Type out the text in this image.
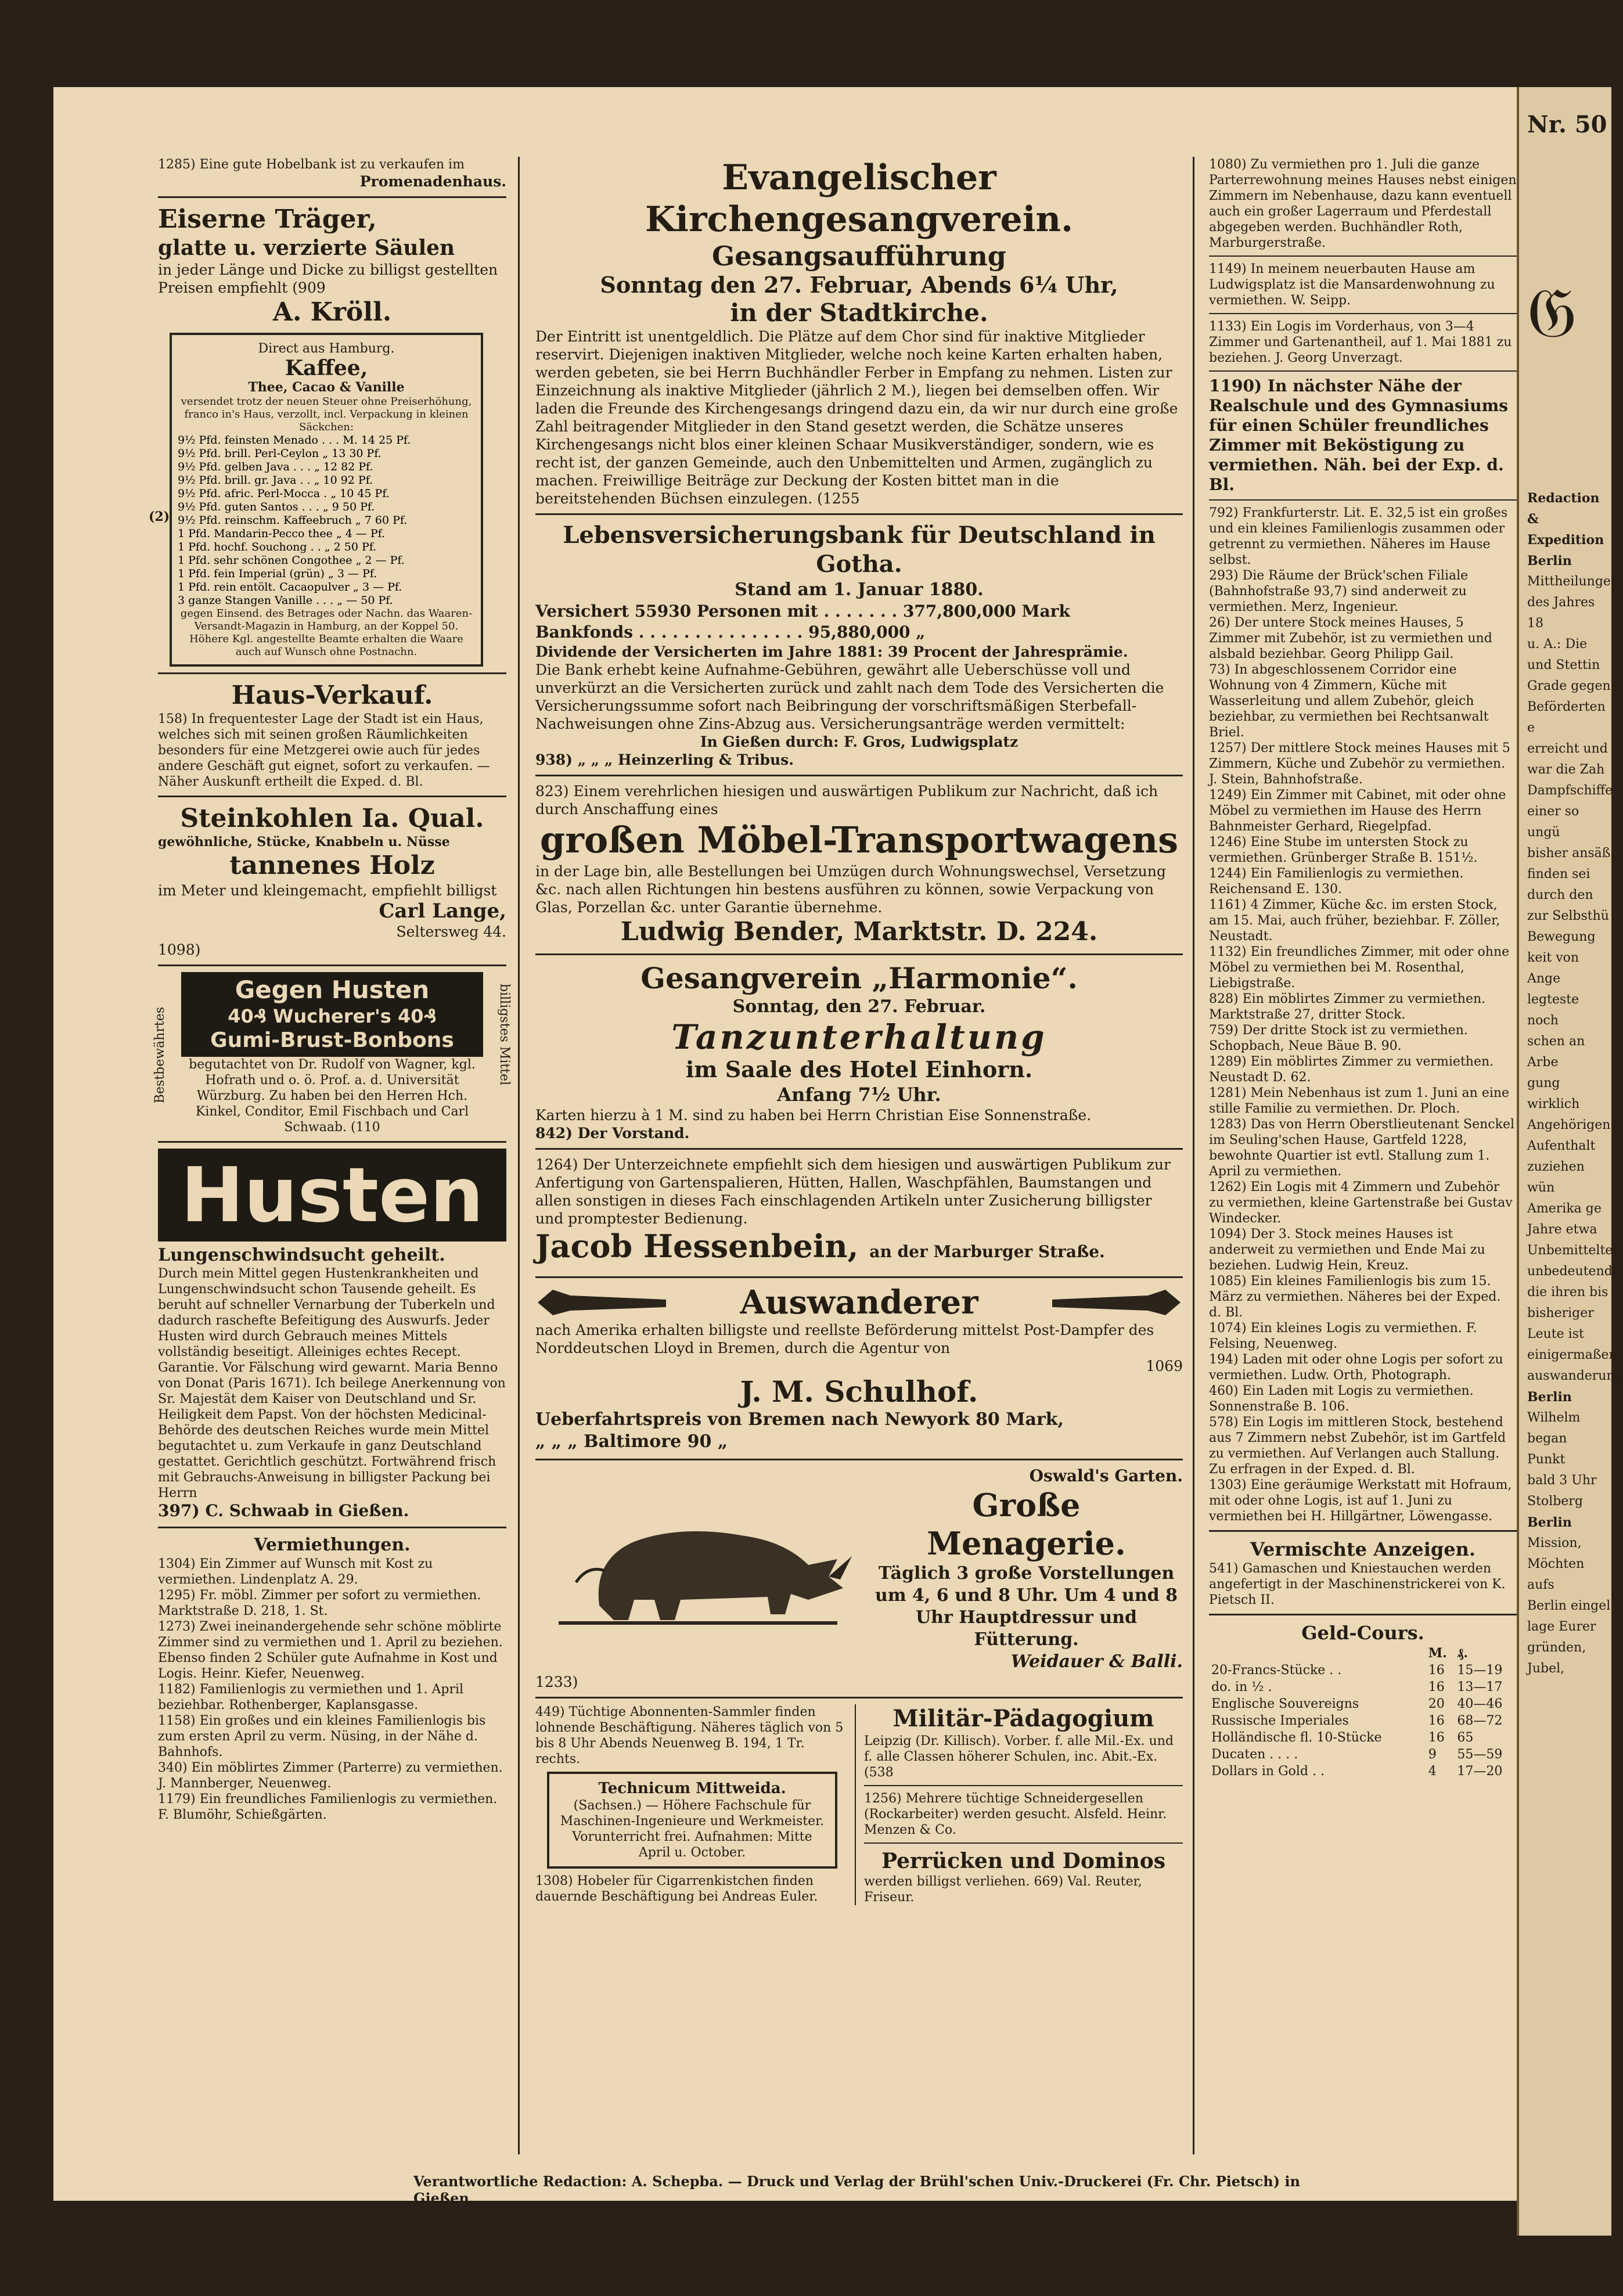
1285) Eine gute Hobelbank ist zu verkaufen im

Promenadenhaus.

Eiserne Träger,

glatte u. verzierte Säulen

in jeder Länge und Dicke zu billigst gestellten Preisen empfiehlt (909

A. Kröll.

Direct aus Hamburg.

Kaffee,

Thee, Cacao & Vanille

versendet trotz der neuen Steuer ohne Preiserhöhung, franco in's Haus, verzollt, incl. Verpackung in kleinen Säckchen:

9½ Pfd. feinsten Menado . . . M. 14 25 Pf.

9½ Pfd. brill. Perl-Ceylon „ 13 30 Pf.

9½ Pfd. gelben Java . . . „ 12 82 Pf.

9½ Pfd. brill. gr. Java . . „ 10 92 Pf.

9½ Pfd. afric. Perl-Mocca . „ 10 45 Pf.

9½ Pfd. guten Santos . . . „ 9 50 Pf.

9½ Pfd. reinschm. Kaffeebruch „ 7 60 Pf.

1 Pfd. Mandarin-Pecco thee „ 4 — Pf.

1 Pfd. hochf. Souchong . . „ 2 50 Pf.

1 Pfd. sehr schönen Congothee „ 2 — Pf.

1 Pfd. fein Imperial (grün) „ 3 — Pf.

1 Pfd. rein entölt. Cacaopulver „ 3 — Pf.

3 ganze Stangen Vanille . . . „ — 50 Pf.

gegen Einsend. des Betrages oder Nachn. das Waaren-Versandt-Magazin in Hamburg, an der Koppel 50. Höhere Kgl. angestellte Beamte erhalten die Waare auch auf Wunsch ohne Postnachn.

(2)

Haus-Verkauf.

158) In frequentester Lage der Stadt ist ein Haus, welches sich mit seinen großen Räumlichkeiten besonders für eine Metzgerei owie auch für jedes andere Geschäft gut eignet, sofort zu verkaufen. — Näher Auskunft ertheilt die Exped. d. Bl.

Steinkohlen Ia. Qual.

gewöhnliche, Stücke, Knabbeln u. Nüsse

tannenes Holz

im Meter und kleingemacht, empfiehlt billigst

Carl Lange,

Seltersweg 44.

1098)

Bestbewährtes	billigstes Mittel

Gegen Husten
40₰ Wucherer's 40₰
Gumi-Brust-Bonbons

begutachtet von Dr. Rudolf von Wagner, kgl. Hofrath und o. ö. Prof. a. d. Universität Würzburg. Zu haben bei den Herren Hch. Kinkel, Conditor, Emil Fischbach und Carl Schwaab. (110

Husten

Lungenschwindsucht geheilt.

Durch mein Mittel gegen Hustenkrankheiten und Lungenschwindsucht schon Tausende geheilt. Es beruht auf schneller Vernarbung der Tuberkeln und dadurch raschefte Befeitigung des Auswurfs. Jeder Husten wird durch Gebrauch meines Mittels vollständig beseitigt. Alleiniges echtes Recept. Garantie. Vor Fälschung wird gewarnt. Maria Benno von Donat (Paris 1671). Ich beilege Anerkennung von Sr. Majestät dem Kaiser von Deutschland und Sr. Heiligkeit dem Papst. Von der höchsten Medicinal-Behörde des deutschen Reiches wurde mein Mittel begutachtet u. zum Verkaufe in ganz Deutschland gestattet. Gerichtlich geschützt. Fortwährend frisch mit Gebrauchs-Anweisung in billigster Packung bei Herrn

397) C. Schwaab in Gießen.

Vermiethungen.

1304) Ein Zimmer auf Wunsch mit Kost zu vermiethen. Lindenplatz A. 29.

1295) Fr. möbl. Zimmer per sofort zu vermiethen. Marktstraße D. 218, 1. St.

1273) Zwei ineinandergehende sehr schöne möblirte Zimmer sind zu vermiethen und 1. April zu beziehen. Ebenso finden 2 Schüler gute Aufnahme in Kost und Logis. Heinr. Kiefer, Neuenweg.

1182) Familienlogis zu vermiethen und 1. April beziehbar. Rothenberger, Kaplansgasse.

1158) Ein großes und ein kleines Familienlogis bis zum ersten April zu verm. Nüsing, in der Nähe d. Bahnhofs.

340) Ein möblirtes Zimmer (Parterre) zu vermiethen. J. Mannberger, Neuenweg.

1179) Ein freundliches Familienlogis zu vermiethen. F. Blumöhr, Schießgärten.

Evangelischer Kirchengesangverein.

Gesangsaufführung

Sonntag den 27. Februar, Abends 6¼ Uhr,

in der Stadtkirche.

Der Eintritt ist unentgeldlich. Die Plätze auf dem Chor sind für inaktive Mitglieder reservirt. Diejenigen inaktiven Mitglieder, welche noch keine Karten erhalten haben, werden gebeten, sie bei Herrn Buchhändler Ferber in Empfang zu nehmen. Listen zur Einzeichnung als inaktive Mitglieder (jährlich 2 M.), liegen bei demselben offen. Wir laden die Freunde des Kirchengesangs dringend dazu ein, da wir nur durch eine große Zahl beitragender Mitglieder in den Stand gesetzt werden, die Schätze unseres Kirchengesangs nicht blos einer kleinen Schaar Musikverständiger, sondern, wie es recht ist, der ganzen Gemeinde, auch den Unbemittelten und Armen, zugänglich zu machen. Freiwillige Beiträge zur Deckung der Kosten bittet man in die bereitstehenden Büchsen einzulegen. (1255

Lebensversicherungsbank für Deutschland in Gotha.

Stand am 1. Januar 1880.

Versichert 55930 Personen mit . . . . . . . 377,800,000 Mark

Bankfonds . . . . . . . . . . . . . . . 95,880,000 „

Dividende der Versicherten im Jahre 1881: 39 Procent der Jahresprämie.

Die Bank erhebt keine Aufnahme-Gebühren, gewährt alle Ueberschüsse voll und unverkürzt an die Versicherten zurück und zahlt nach dem Tode des Versicherten die Versicherungssumme sofort nach Beibringung der vorschriftsmäßigen Sterbefall-Nachweisungen ohne Zins-Abzug aus. Versicherungsanträge werden vermittelt:

In Gießen durch: F. Gros, Ludwigsplatz

938) „ „ „ Heinzerling & Tribus.

823) Einem verehrlichen hiesigen und auswärtigen Publikum zur Nachricht, daß ich durch Anschaffung eines

großen Möbel-Transportwagens

in der Lage bin, alle Bestellungen bei Umzügen durch Wohnungswechsel, Versetzung &c. nach allen Richtungen hin bestens ausführen zu können, sowie Verpackung von Glas, Porzellan &c. unter Garantie übernehme.

Ludwig Bender, Marktstr. D. 224.

Gesangverein „Harmonie“.

Sonntag, den 27. Februar.

Tanzunterhaltung

im Saale des Hotel Einhorn.

Anfang 7½ Uhr.

Karten hierzu à 1 M. sind zu haben bei Herrn Christian Eise Sonnenstraße.

842) Der Vorstand.

1264) Der Unterzeichnete empfiehlt sich dem hiesigen und auswärtigen Publikum zur Anfertigung von Gartenspalieren, Hütten, Hallen, Waschpfählen, Baumstangen und allen sonstigen in dieses Fach einschlagenden Artikeln unter Zusicherung billigster und promptester Bedienung.

Jacob Hessenbein, an der Marburger Straße.

Auswanderer

nach Amerika erhalten billigste und reellste Beförderung mittelst Post-Dampfer des Norddeutschen Lloyd in Bremen, durch die Agentur von

1069

J. M. Schulhof.

Ueberfahrtspreis von Bremen nach Newyork 80 Mark,

„ „ „ Baltimore 90 „

Oswald's Garten.

Große Menagerie.

Täglich 3 große Vorstellungen um 4, 6 und 8 Uhr. Um 4 und 8 Uhr Hauptdressur und Fütterung.

Weidauer & Balli.

1233)

449) Tüchtige Abonnenten-Sammler finden lohnende Beschäftigung. Näheres täglich von 5 bis 8 Uhr Abends Neuenweg B. 194, 1 Tr. rechts.

Technicum Mittweida.

(Sachsen.) — Höhere Fachschule für Maschinen-Ingenieure und Werkmeister. Vorunterricht frei. Aufnahmen: Mitte April u. October.

1308) Hobeler für Cigarrenkistchen finden dauernde Beschäftigung bei Andreas Euler.

Militär-Pädagogium

Leipzig (Dr. Killisch). Vorber. f. alle Mil.-Ex. und f. alle Classen höherer Schulen, inc. Abit.-Ex. (538

1256) Mehrere tüchtige Schneidergesellen (Rockarbeiter) werden gesucht. Alsfeld. Heinr. Menzen & Co.

Perrücken und Dominos

werden billigst verliehen. 669) Val. Reuter, Friseur.

1080) Zu vermiethen pro 1. Juli die ganze Parterrewohnung meines Hauses nebst einigen Zimmern im Nebenhause, dazu kann eventuell auch ein großer Lagerraum und Pferdestall abgegeben werden. Buchhändler Roth, Marburgerstraße.

1149) In meinem neuerbauten Hause am Ludwigsplatz ist die Mansardenwohnung zu vermiethen. W. Seipp.

1133) Ein Logis im Vorderhaus, von 3—4 Zimmer und Gartenantheil, auf 1. Mai 1881 zu beziehen. J. Georg Unverzagt.

1190) In nächster Nähe der Realschule und des Gymnasiums für einen Schüler freundliches Zimmer mit Beköstigung zu vermiethen. Näh. bei der Exp. d. Bl.

792) Frankfurterstr. Lit. E. 32,5 ist ein großes und ein kleines Familienlogis zusammen oder getrennt zu vermiethen. Näheres im Hause selbst.

293) Die Räume der Brück'schen Filiale (Bahnhofstraße 93,7) sind anderweit zu vermiethen. Merz, Ingenieur.

26) Der untere Stock meines Hauses, 5 Zimmer mit Zubehör, ist zu vermiethen und alsbald beziehbar. Georg Philipp Gail.

73) In abgeschlossenem Corridor eine Wohnung von 4 Zimmern, Küche mit Wasserleitung und allem Zubehör, gleich beziehbar, zu vermiethen bei Rechtsanwalt Briel.

1257) Der mittlere Stock meines Hauses mit 5 Zimmern, Küche und Zubehör zu vermiethen. J. Stein, Bahnhofstraße.

1249) Ein Zimmer mit Cabinet, mit oder ohne Möbel zu vermiethen im Hause des Herrn Bahnmeister Gerhard, Riegelpfad.

1246) Eine Stube im untersten Stock zu vermiethen. Grünberger Straße B. 151½.

1244) Ein Familienlogis zu vermiethen. Reichensand E. 130.

1161) 4 Zimmer, Küche &c. im ersten Stock, am 15. Mai, auch früher, beziehbar. F. Zöller, Neustadt.

1132) Ein freundliches Zimmer, mit oder ohne Möbel zu vermiethen bei M. Rosenthal, Liebigstraße.

828) Ein möblirtes Zimmer zu vermiethen. Marktstraße 27, dritter Stock.

759) Der dritte Stock ist zu vermiethen. Schopbach, Neue Bäue B. 90.

1289) Ein möblirtes Zimmer zu vermiethen. Neustadt D. 62.

1281) Mein Nebenhaus ist zum 1. Juni an eine stille Familie zu vermiethen. Dr. Ploch.

1283) Das von Herrn Oberstlieutenant Senckel im Seuling'schen Hause, Gartfeld 1228, bewohnte Quartier ist evtl. Stallung zum 1. April zu vermiethen.

1262) Ein Logis mit 4 Zimmern und Zubehör zu vermiethen, kleine Gartenstraße bei Gustav Windecker.

1094) Der 3. Stock meines Hauses ist anderweit zu vermiethen und Ende Mai zu beziehen. Ludwig Hein, Kreuz.

1085) Ein kleines Familienlogis bis zum 15. März zu vermiethen. Näheres bei der Exped. d. Bl.

1074) Ein kleines Logis zu vermiethen. F. Felsing, Neuenweg.

194) Laden mit oder ohne Logis per sofort zu vermiethen. Ludw. Orth, Photograph.

460) Ein Laden mit Logis zu vermiethen. Sonnenstraße B. 106.

578) Ein Logis im mittleren Stock, bestehend aus 7 Zimmern nebst Zubehör, ist im Gartfeld zu vermiethen. Auf Verlangen auch Stallung. Zu erfragen in der Exped. d. Bl.

1303) Eine geräumige Werkstatt mit Hofraum, mit oder ohne Logis, ist auf 1. Juni zu vermiethen bei H. Hillgärtner, Löwengasse.

Vermischte Anzeigen.

541) Gamaschen und Kniestauchen werden angefertigt in der Maschinenstrickerei von K. Pietsch II.

Geld-Cours.

	M.	₰.
20-Francs-Stücke . .	16	15—19
do. in ½ .	16	13—17
Englische Souvereigns	20	40—46
Russische Imperiales	16	68—72
Holländische fl. 10-Stücke	16	65
Ducaten . . . .	9	55—59
Dollars in Gold . .	4	17—20

Verantwortliche Redaction: A. Schepba. — Druck und Verlag der Brühl'schen Univ.-Druckerei (Fr. Chr. Pietsch) in Gießen.

Nr. 50

𝔊

Redaction & Expedition

Berlin

Mittheilungen

des Jahres 18

u. A.: Die

und Stettin

Grade gegen

Beförderten e

erreicht und

war die Zah

Dampfschiffe

einer so ungü

bisher ansäß

finden sei

durch den

zur Selbsthü

Bewegung

keit von Ange

legteste noch

schen an Arbe

gung wirklich

Angehörigen

Aufenthalt

zuziehen wün

Amerika ge

Jahre etwa

Unbemittelten

unbedeutende

die ihren bis

bisheriger

Leute ist

einigermaßen

auswanderung

Berlin

Wilhelm began

Punkt

bald 3 Uhr

Stolberg

Berlin

Mission,

Möchten aufs

Berlin eingel

lage Eurer

gründen,

Jubel,
